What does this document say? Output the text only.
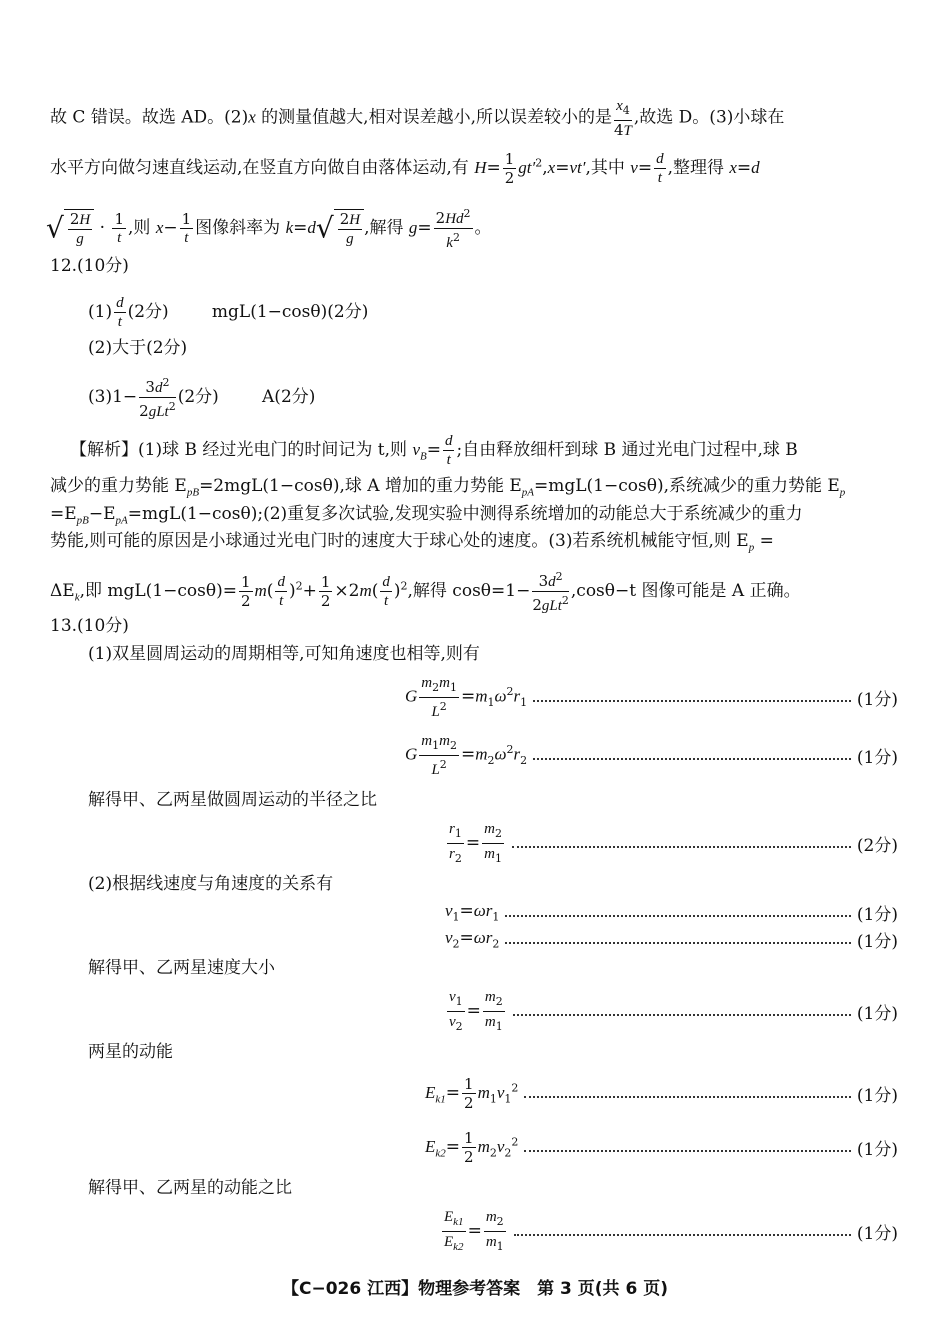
故 C 错误。故选 AD。(2)x 的测量值越大,相对误差越小,所以误差较小的是 $\frac{x_4}{4T}$ ,故选 D。(3)小球在
水平方向做匀速直线运动,在竖直方向做自由落体运动,有 $H= \frac{1}{2} gt'^2,x=vt'$,其中 $v= \frac{d}{t}$ ,整理得 x=d
√ $\frac{2H}{g} \cdot \frac{1}{t}$ ,则 $x- \frac{1}{t}$ 图像斜率为 $k=d√ \frac{2H}{g}$ ,解得 $g= \frac{2Hd^2}{k^2}$ 。
12.(10分)
$(1) \frac{d}{t} (2$分)	mgL(1−cosθ)(2分)
(2)大于(2分)
$(3)1- \frac{3d^2}{2gLt^2} (2$分)	A(2分)
【解析】(1)球 B 经过光电门的时间记为 t,则 $v_B= \frac{d}{t}$ ;自由释放细杆到球 B 通过光电门过程中,球 B
减少的重力势能 $E_{pB}=2mgL(1-\cos\theta)$,球 A 增加的重力势能 $E_{pA}=mgL(1-\cos\theta)$,系统减少的重力势能 $E_p$
$=E_{pB}-E_{pA}=mgL(1-\cos\theta);(2)$重复多次试验,发现实验中测得系统增加的动能总大于系统减少的重力
势能,则可能的原因是小球通过光电门时的速度大于球心处的速度。(3)若系统机械能守恒,则 $E_p$ =
$\Delta E_k$,即 $mgL(1-\cos\theta)= \frac{1}{2} m( \frac{d}{t} )^2+ \frac{1}{2} \times 2m( \frac{d}{t} )^2$,解得 $\cos\theta=1- \frac{3d^2}{2gLt^2} ,\cos\theta-t$ 图像可能是 A 正确。
13.(10分)
(1)双星圆周运动的周期相等,可知角速度也相等,则有
G $\frac{m_2m_1}{L^2} =m_1\omega^2r_1$	(1分)
G $\frac{m_1m_2}{L^2} =m_2\omega^2r_2$	(1分)
解得甲、乙两星做圆周运动的半径之比
$\frac{r_1}{r_2} = \frac{m_2}{m_1}$	(2分)
(2)根据线速度与角速度的关系有
$v_1=\omega r_1$	(1分)
$v_2=\omega r_2$	(1分)
解得甲、乙两星速度大小
$\frac{v_1}{v_2} = \frac{m_2}{m_1}$	(1分)
两星的动能
$E_{k1}= \frac{1}{2} m_1v_1^2$	(1分)
$E_{k2}= \frac{1}{2} m_2v_2^2$	(1分)
解得甲、乙两星的动能之比
$\frac{E_{k1}}{E_{k2}} = \frac{m_2}{m_1}$	(1分)
【C−026 江西】物理参考答案　第 3 页(共 6 页)
